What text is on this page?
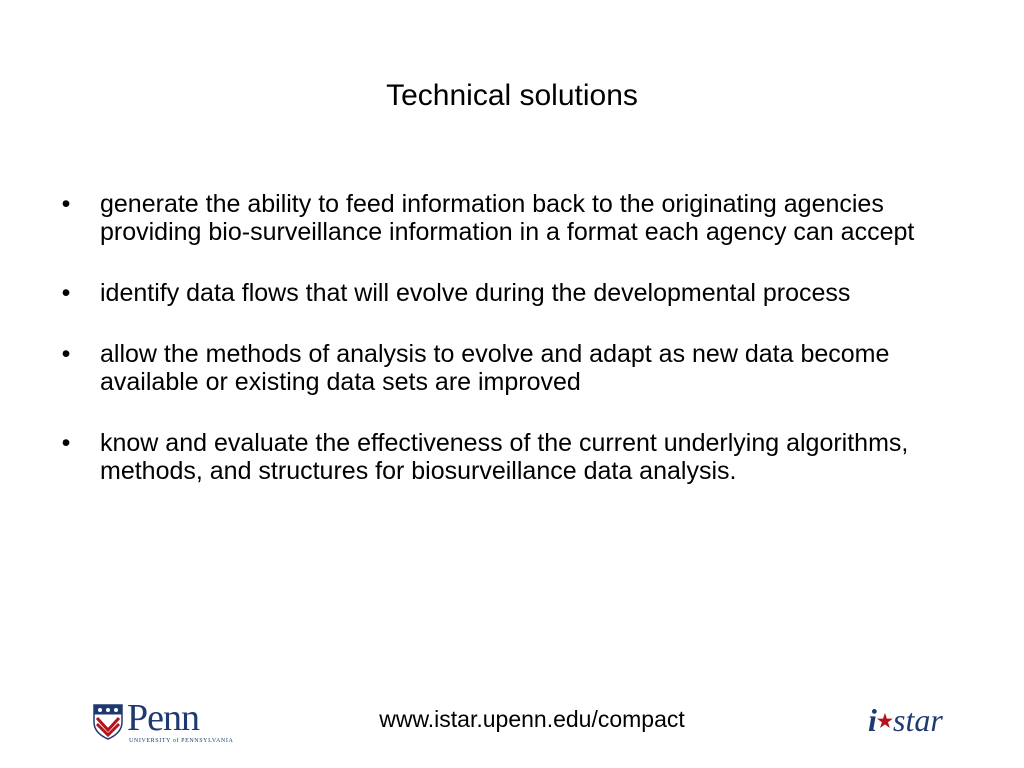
Technical solutions
• generate the ability to feed information back to the originating agencies providing bio-surveillance information in a format each agency can accept
• identify data flows that will evolve during the developmental process
• allow the methods of analysis to evolve and adapt as new data become available or existing data sets are improved
• know and evaluate the effectiveness of the current underlying algorithms, methods, and structures for biosurveillance data analysis.
Penn
UNIVERSITY of PENNSYLVANIA
www.istar.upenn.edu/compact	i★star
